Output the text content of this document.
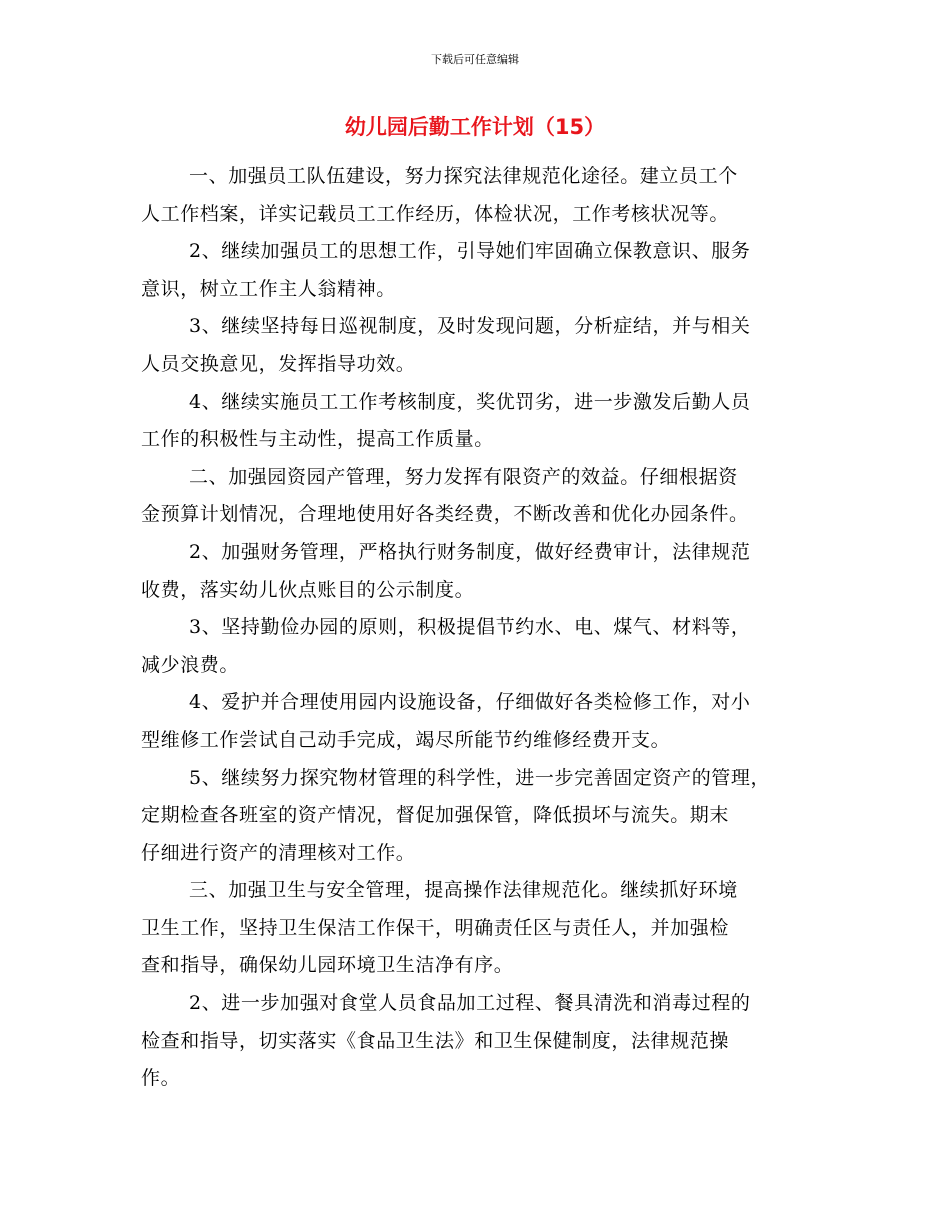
下载后可任意编辑
幼儿园后勤工作计划（15）
一、加强员工队伍建设，努力探究法律规范化途径。建立员工个
人工作档案，详实记载员工工作经历，体检状况，工作考核状况等。
2、继续加强员工的思想工作，引导她们牢固确立保教意识、服务
意识，树立工作主人翁精神。
3、继续坚持每日巡视制度，及时发现问题，分析症结，并与相关
人员交换意见，发挥指导功效。
4、继续实施员工工作考核制度，奖优罚劣，进一步激发后勤人员
工作的积极性与主动性，提高工作质量。
二、加强园资园产管理，努力发挥有限资产的效益。仔细根据资
金预算计划情况，合理地使用好各类经费，不断改善和优化办园条件。
2、加强财务管理，严格执行财务制度，做好经费审计，法律规范
收费，落实幼儿伙点账目的公示制度。
3、坚持勤俭办园的原则，积极提倡节约水、电、煤气、材料等，
减少浪费。
4、爱护并合理使用园内设施设备，仔细做好各类检修工作，对小
型维修工作尝试自己动手完成，竭尽所能节约维修经费开支。
5、继续努力探究物材管理的科学性，进一步完善固定资产的管理，
定期检查各班室的资产情况，督促加强保管，降低损坏与流失。期末
仔细进行资产的清理核对工作。
三、加强卫生与安全管理，提高操作法律规范化。继续抓好环境
卫生工作，坚持卫生保洁工作保干，明确责任区与责任人，并加强检
查和指导，确保幼儿园环境卫生洁净有序。
2、进一步加强对食堂人员食品加工过程、餐具清洗和消毒过程的
检查和指导，切实落实《食品卫生法》和卫生保健制度，法律规范操
作。
